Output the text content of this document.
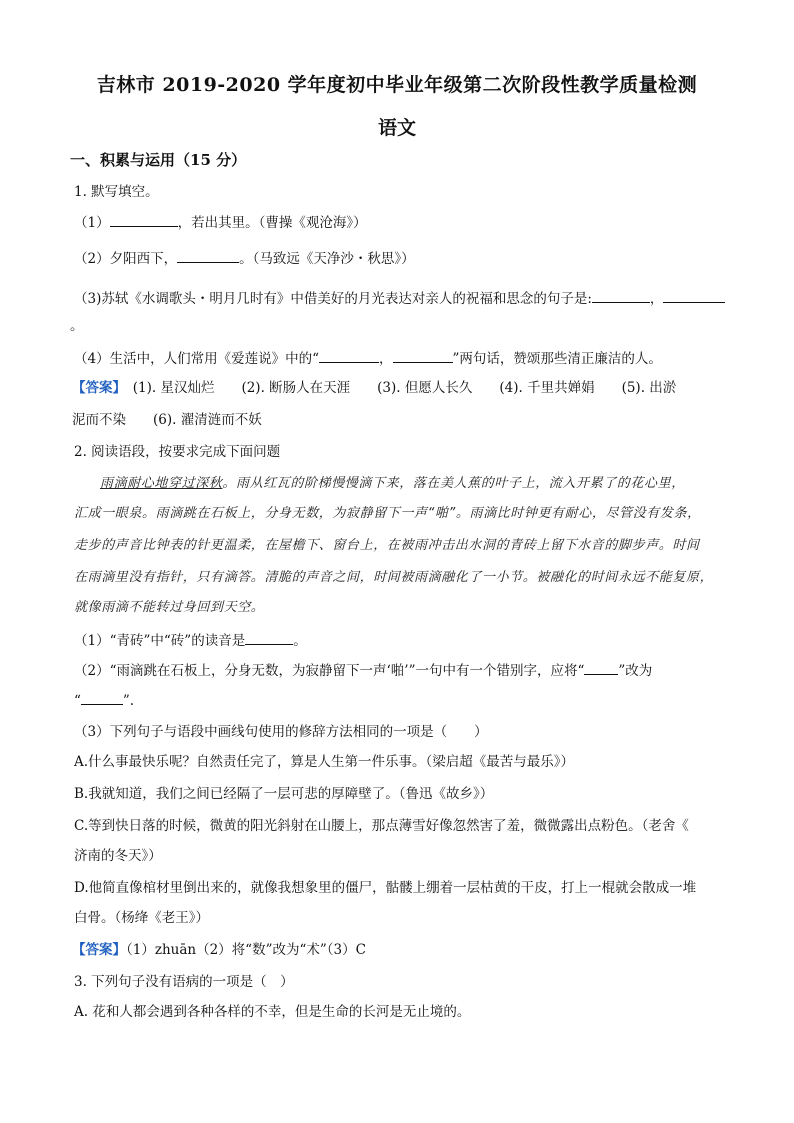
吉林市 2019-2020 学年度初中毕业年级第二次阶段性教学质量检测
语文
一、积累与运用（15 分）
1. 默写填空。
（1）	，若出其里。（曹操《观沧海》）
（2）夕阳西下，	。（马致远《天净沙・秋思》）
（3)苏轼《水调歌头・明月几时有》中借美好的月光表达对亲人的祝福和思念的句子是:	，
。
（4）生活中，人们常用《爱莲说》中的“	，	”两句话，赞颂那些清正廉洁的人。
【答案】　 (1). 星汉灿烂　　(2). 断肠人在天涯　　(3). 但愿人长久　　(4). 千里共婵娟　　(5). 出淤
泥而不染　　(6). 濯清涟而不妖
2. 阅读语段，按要求完成下面问题
雨滴耐心地穿过深秋。雨从红瓦的阶梯慢慢滴下来，落在美人蕉的叶子上，流入开累了的花心里，
汇成一眼泉。雨滴跳在石板上，分身无数，为寂静留下一声“啪”。雨滴比时钟更有耐心，尽管没有发条，
走步的声音比钟表的针更温柔，在屋檐下、窗台上，在被雨冲击出水洞的青砖上留下水音的脚步声。时间
在雨滴里没有指针，只有滴答。清脆的声音之间，时间被雨滴融化了一小节。被融化的时间永远不能复原，
就像雨滴不能转过身回到天空。
（1）“青砖”中“砖”的读音是	。
（2）“雨滴跳在石板上，分身无数，为寂静留下一声‘啪’”一句中有一个错别字，应将“	”改为
“	”.
（3）下列句子与语段中画线句使用的修辞方法相同的一项是（　　）
A.什么事最快乐呢？自然责任完了，算是人生第一件乐事。（梁启超《最苦与最乐》）
B.我就知道，我们之间已经隔了一层可悲的厚障壁了。（鲁迅《故乡》）
C.等到快日落的时候，微黄的阳光斜射在山腰上，那点薄雪好像忽然害了羞，微微露出点粉色。（老舍《
济南的冬天》）
D.他简直像棺材里倒出来的，就像我想象里的僵尸，骷髅上绷着一层枯黄的干皮，打上一棍就会散成一堆
白骨。（杨绛《老王》）
【答案】（1）zhuān（2）将“数”改为“术”（3）C
3. 下列句子没有语病的一项是（　）
A. 花和人都会遇到各种各样的不幸，但是生命的长河是无止境的。
